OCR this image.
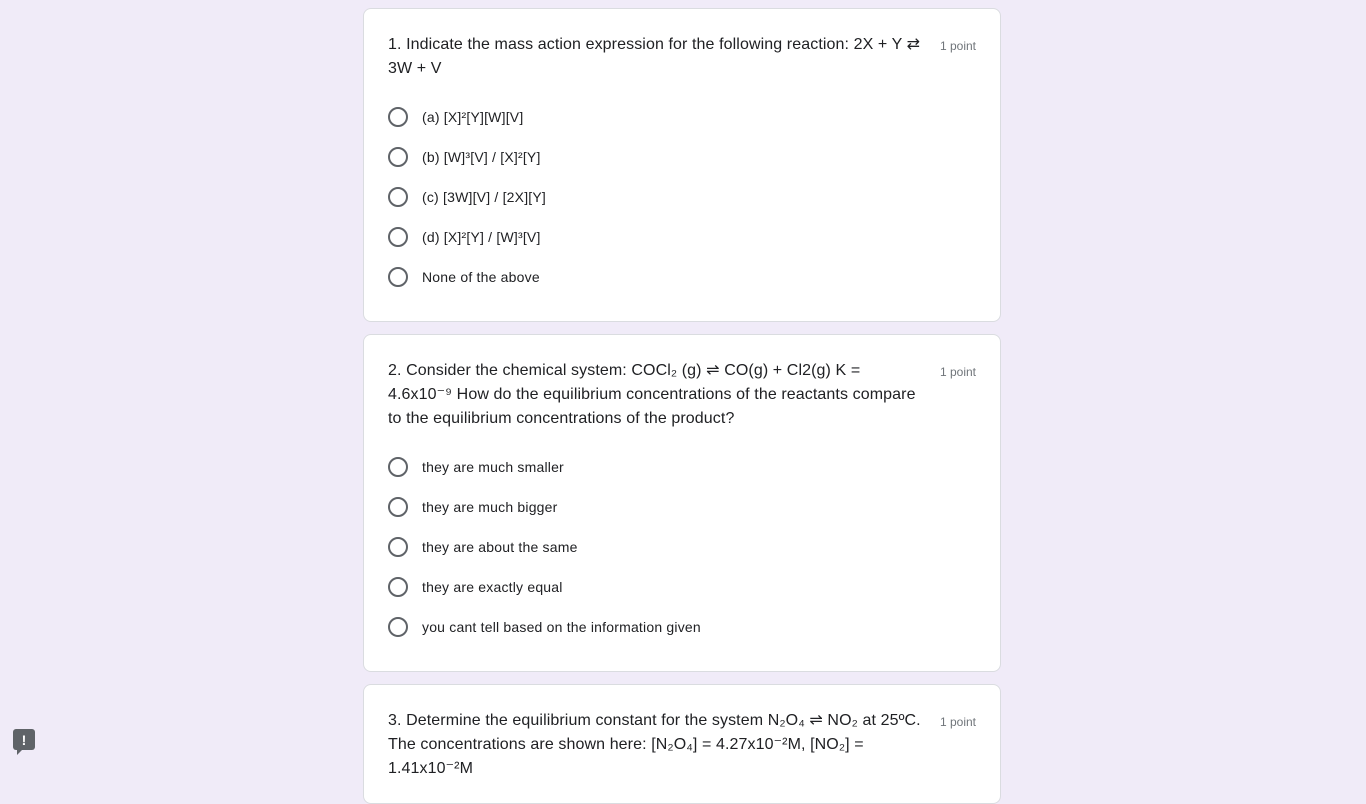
1. Indicate the mass action expression for the following reaction: 2X + Y ⇄ 3W + V
1 point
(a) [X]²[Y][W][V]
(b) [W]³[V] / [X]²[Y]
(c) [3W][V] / [2X][Y]
(d) [X]²[Y] / [W]³[V]
None of the above
2. Consider the chemical system: COCl₂ (g) ⇌ CO(g) + Cl2(g) K = 4.6x10⁻⁹ How do the equilibrium concentrations of the reactants compare to the equilibrium concentrations of the product?
1 point
they are much smaller
they are much bigger
they are about the same
they are exactly equal
you cant tell based on the information given
3. Determine the equilibrium constant for the system N₂O₄ ⇌ NO₂ at 25ºC. The concentrations are shown here: [N₂O₄] = 4.27x10⁻²M, [NO₂] = 1.41x10⁻²M
1 point
!
